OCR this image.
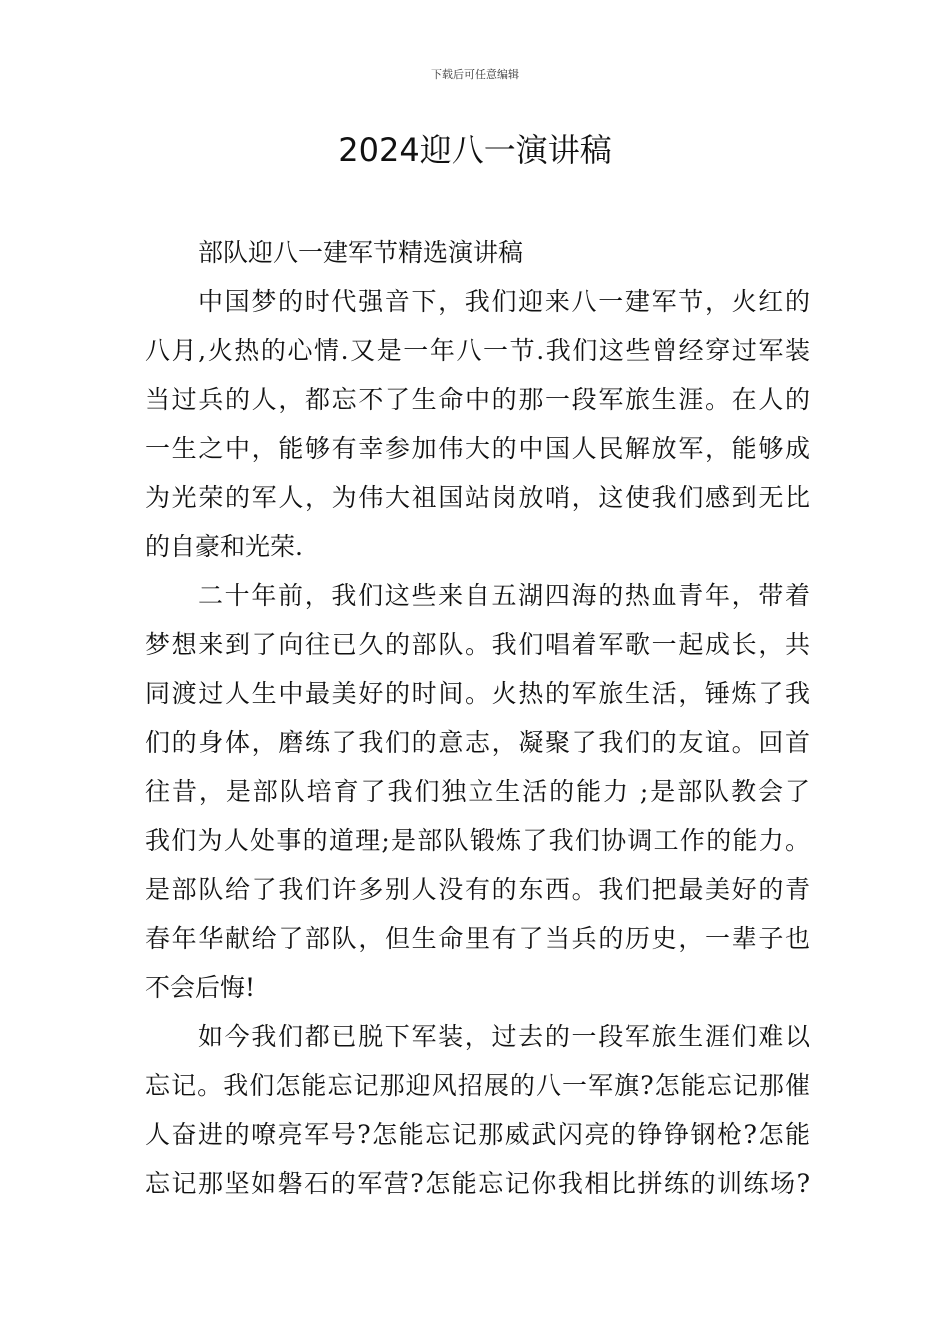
下载后可任意编辑
2024迎八一演讲稿
部队迎八一建军节精选演讲稿
中国梦的时代强音下，我们迎来八一建军节，火红的
八月,火热的心情.又是一年八一节.我们这些曾经穿过军装
当过兵的人，都忘不了生命中的那一段军旅生涯。在人的
一生之中，能够有幸参加伟大的中国人民解放军，能够成
为光荣的军人，为伟大祖国站岗放哨，这使我们感到无比
的自豪和光荣.
二十年前，我们这些来自五湖四海的热血青年，带着
梦想来到了向往已久的部队。我们唱着军歌一起成长，共
同渡过人生中最美好的时间。火热的军旅生活，锤炼了我
们的身体，磨练了我们的意志，凝聚了我们的友谊。回首
往昔，是部队培育了我们独立生活的能力 ;是部队教会了
我们为人处事的道理;是部队锻炼了我们协调工作的能力。
是部队给了我们许多别人没有的东西。我们把最美好的青
春年华献给了部队，但生命里有了当兵的历史，一辈子也
不会后悔!
如今我们都已脱下军装，过去的一段军旅生涯们难以
忘记。我们怎能忘记那迎风招展的八一军旗?怎能忘记那催
人奋进的嘹亮军号?怎能忘记那威武闪亮的铮铮钢枪?怎能
忘记那坚如磐石的军营?怎能忘记你我相比拼练的训练场?
